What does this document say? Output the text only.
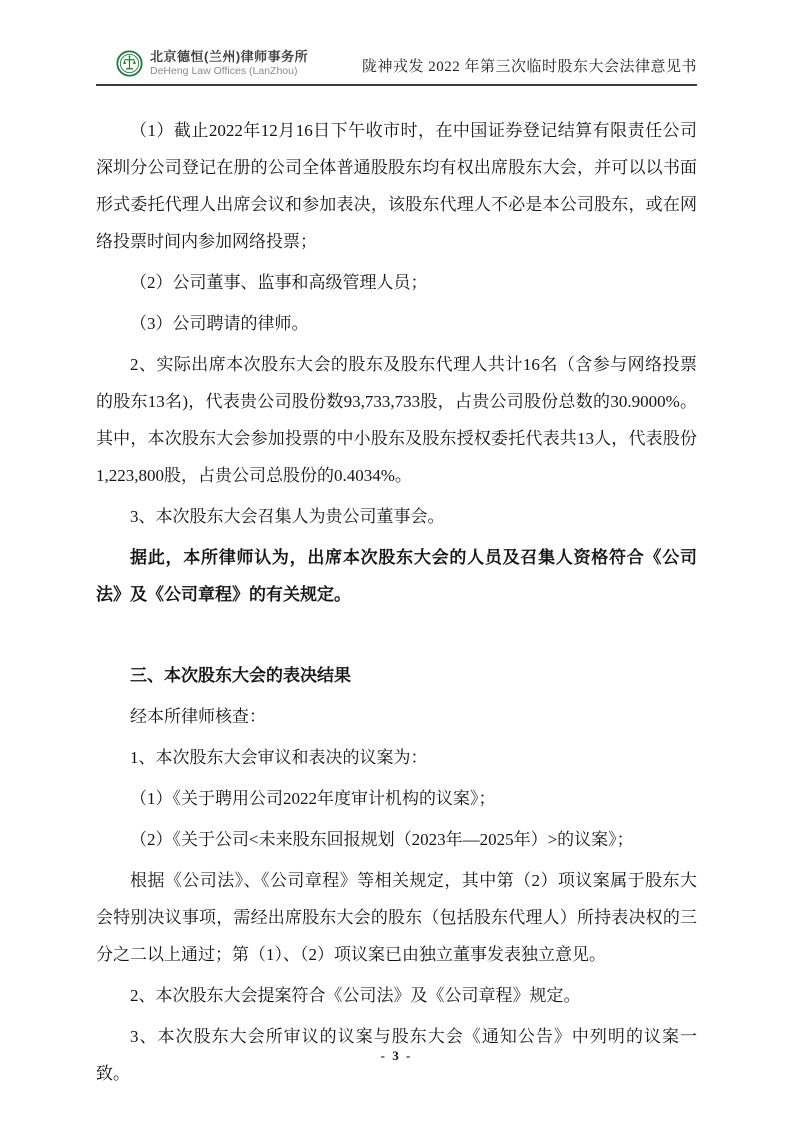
北京德恒(兰州)律师事务所
DeHeng Law Offices (LanZhou)	陇神戎发 2022 年第三次临时股东大会法律意见书

（1）截止2022年12月16日下午收市时，在中国证券登记结算有限责任公司深圳分公司登记在册的公司全体普通股股东均有权出席股东大会，并可以以书面形式委托代理人出席会议和参加表决，该股东代理人不必是本公司股东，或在网络投票时间内参加网络投票；

（2）公司董事、监事和高级管理人员；

（3）公司聘请的律师。

2、实际出席本次股东大会的股东及股东代理人共计16名（含参与网络投票的股东13名)，代表贵公司股份数93,733,733股，占贵公司股份总数的30.9000%。其中，本次股东大会参加投票的中小股东及股东授权委托代表共13人，代表股份1,223,800股，占贵公司总股份的0.4034%。

3、本次股东大会召集人为贵公司董事会。

据此，本所律师认为，出席本次股东大会的人员及召集人资格符合《公司法》及《公司章程》的有关规定。

三、本次股东大会的表决结果

经本所律师核查：

1、本次股东大会审议和表决的议案为：

（1）《关于聘用公司2022年度审计机构的议案》；

（2）《关于公司<未来股东回报规划（2023年—2025年）>的议案》；

根据《公司法》、《公司章程》等相关规定，其中第（2）项议案属于股东大会特别决议事项，需经出席股东大会的股东（包括股东代理人）所持表决权的三分之二以上通过；第（1）、（2）项议案已由独立董事发表独立意见。

2、本次股东大会提案符合《公司法》及《公司章程》规定。

3、本次股东大会所审议的议案与股东大会《通知公告》中列明的议案一致。

- 3 -
